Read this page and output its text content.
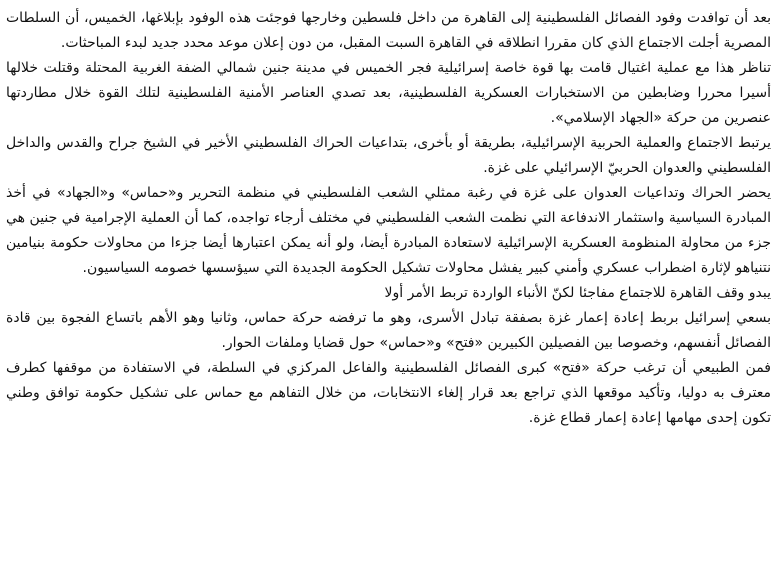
بعد أن توافدت وفود الفصائل الفلسطينية إلى القاهرة من داخل فلسطين وخارجها فوجئت هذه الوفود بإبلاغها، الخميس، أن السلطات المصرية أجلت الاجتماع الذي كان مقررا انطلاقه في القاهرة السبت المقبل، من دون إعلان موعد محدد جديد لبدء المباحثات.

تناظر هذا مع عملية اغتيال قامت بها قوة خاصة إسرائيلية فجر الخميس في مدينة جنين شمالي الضفة الغربية المحتلة وقتلت خلالها أسيرا محررا وضابطين من الاستخبارات العسكرية الفلسطينية، بعد تصدي العناصر الأمنية الفلسطينية لتلك القوة خلال مطاردتها عنصرين من حركة «الجهاد الإسلامي».

يرتبط الاجتماع والعملية الحربية الإسرائيلية، بطريقة أو بأخرى، بتداعيات الحراك الفلسطيني الأخير في الشيخ جراح والقدس والداخل الفلسطيني والعدوان الحربيّ الإسرائيلي على غزة.

يحضر الحراك وتداعيات العدوان على غزة في رغبة ممثلي الشعب الفلسطيني في منظمة التحرير و«حماس» و«الجهاد» في أخذ المبادرة السياسية واستثمار الاندفاعة التي نظمت الشعب الفلسطيني في مختلف أرجاء تواجده، كما أن العملية الإجرامية في جنين هي جزء من محاولة المنظومة العسكرية الإسرائيلية لاستعادة المبادرة أيضا، ولو أنه يمكن اعتبارها أيضا جزءا من محاولات حكومة بنيامين نتنياهو لإثارة اضطراب عسكري وأمني كبير يفشل محاولات تشكيل الحكومة الجديدة التي سيؤسسها خصومه السياسيون.

يبدو وقف القاهرة للاجتماع مفاجئا لكنّ الأنباء الواردة تربط الأمر أولا

بسعي إسرائيل بربط إعادة إعمار غزة بصفقة تبادل الأسرى، وهو ما ترفضه حركة حماس، وثانيا وهو الأهم باتساع الفجوة بين قادة الفصائل أنفسهم، وخصوصا بين الفصيلين الكبيرين «فتح» و«حماس» حول قضايا وملفات الحوار.

فمن الطبيعي أن ترغب حركة «فتح» كبرى الفصائل الفلسطينية والفاعل المركزي في السلطة، في الاستفادة من موقفها كطرف معترف به دوليا، وتأكيد موقعها الذي تراجع بعد قرار إلغاء الانتخابات، من خلال التفاهم مع حماس على تشكيل حكومة توافق وطني تكون إحدى مهامها إعادة إعمار قطاع غزة.
